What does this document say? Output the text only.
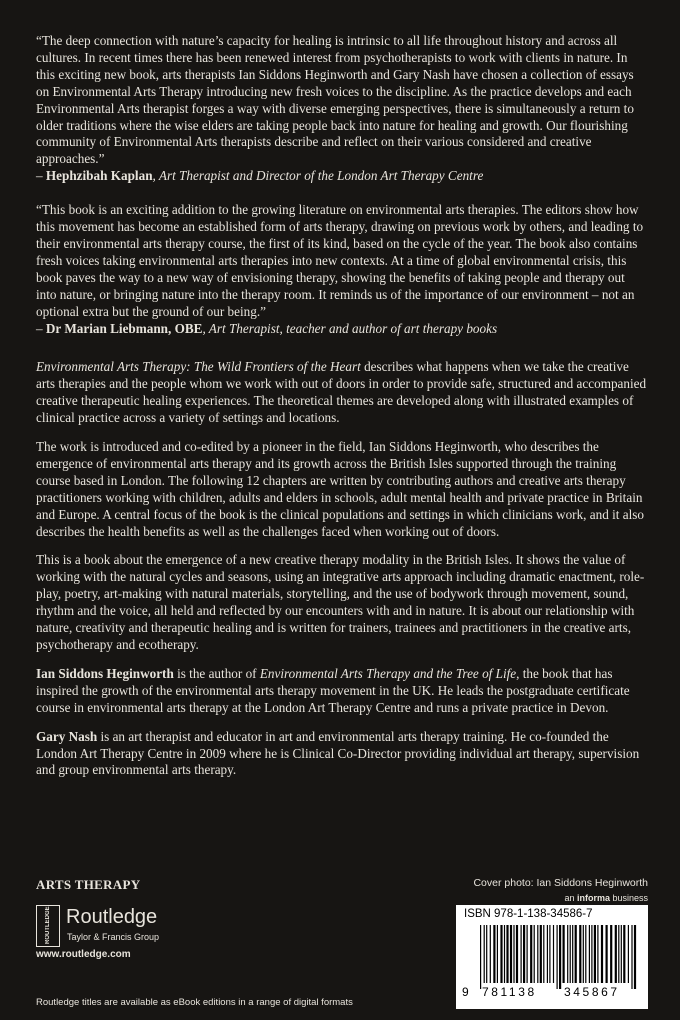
“The deep connection with nature’s capacity for healing is intrinsic to all life throughout history and across all cultures. In recent times there has been renewed interest from psychotherapists to work with clients in nature. In this exciting new book, arts therapists Ian Siddons Heginworth and Gary Nash have chosen a collection of essays on Environmental Arts Therapy introducing new fresh voices to the discipline. As the practice develops and each Environmental Arts therapist forges a way with diverse emerging perspectives, there is simultaneously a return to older traditions where the wise elders are taking people back into nature for healing and growth. Our flourishing community of Environmental Arts therapists describe and reflect on their various considered and creative approaches.”

– Hephzibah Kaplan, Art Therapist and Director of the London Art Therapy Centre

“This book is an exciting addition to the growing literature on environmental arts therapies. The editors show how this movement has become an established form of arts therapy, drawing on previous work by others, and leading to their environmental arts therapy course, the first of its kind, based on the cycle of the year. The book also contains fresh voices taking environmental arts therapies into new contexts. At a time of global environmental crisis, this book paves the way to a new way of envisioning therapy, showing the benefits of taking people and therapy out into nature, or bringing nature into the therapy room. It reminds us of the importance of our environment – not an optional extra but the ground of our being.”

– Dr Marian Liebmann, OBE, Art Therapist, teacher and author of art therapy books

Environmental Arts Therapy: The Wild Frontiers of the Heart describes what happens when we take the creative arts therapies and the people whom we work with out of doors in order to provide safe, structured and accompanied creative therapeutic healing experiences. The theoretical themes are developed along with illustrated examples of clinical practice across a variety of settings and locations.

The work is introduced and co-edited by a pioneer in the field, Ian Siddons Heginworth, who describes the emergence of environmental arts therapy and its growth across the British Isles supported through the training course based in London. The following 12 chapters are written by contributing authors and creative arts therapy practitioners working with children, adults and elders in schools, adult mental health and private practice in Britain and Europe. A central focus of the book is the clinical populations and settings in which clinicians work, and it also describes the health benefits as well as the challenges faced when working out of doors.

This is a book about the emergence of a new creative therapy modality in the British Isles. It shows the value of working with the natural cycles and seasons, using an integrative arts approach including dramatic enactment, role-play, poetry, art-making with natural materials, storytelling, and the use of bodywork through movement, sound, rhythm and the voice, all held and reflected by our encounters with and in nature. It is about our relationship with nature, creativity and therapeutic healing and is written for trainers, trainees and practitioners in the creative arts, psychotherapy and ecotherapy.

Ian Siddons Heginworth is the author of Environmental Arts Therapy and the Tree of Life, the book that has inspired the growth of the environmental arts therapy movement in the UK. He leads the postgraduate certificate course in environmental arts therapy at the London Art Therapy Centre and runs a private practice in Devon.

Gary Nash is an art therapist and educator in art and environmental arts therapy training. He co-founded the London Art Therapy Centre in 2009 where he is Clinical Co-Director providing individual art therapy, supervision and group environmental arts therapy.

ARTS THERAPY
ROUTLEDGE Routledge
Taylor & Francis Group
www.routledge.com
Cover photo: Ian Siddons Heginworth
an informa business
ISBN 978-1-138-34586-7
9 781138 345867
Routledge titles are available as eBook editions in a range of digital formats
